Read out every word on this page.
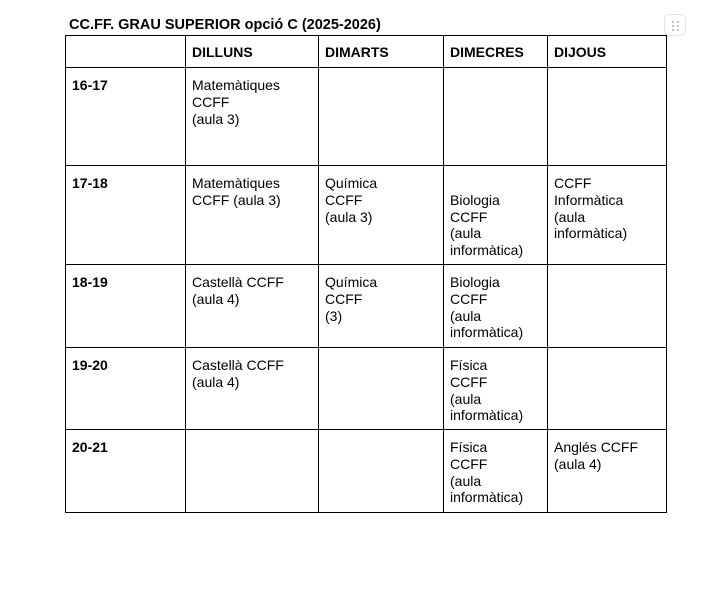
CC.FF. GRAU SUPERIOR opció C (2025-2026)
	DILLUNS	DIMARTS	DIMECRES	DIJOUS
16-17	Matemàtiques
CCFF
(aula 3)			

17-18	Matemàtiques
CCFF (aula 3)	Química
CCFF
(aula 3)	Biologia
CCFF
(aula
informàtica)	CCFF
Informàtica
(aula
informàtica)

18-19	Castellà CCFF
(aula 4)	Química
CCFF
(3)	Biologia
CCFF
(aula
informàtica)	

19-20	Castellà CCFF
(aula 4)		Física
CCFF
(aula
informàtica)	

20-21			Física
CCFF
(aula
informàtica)	Anglés CCFF
(aula 4)
